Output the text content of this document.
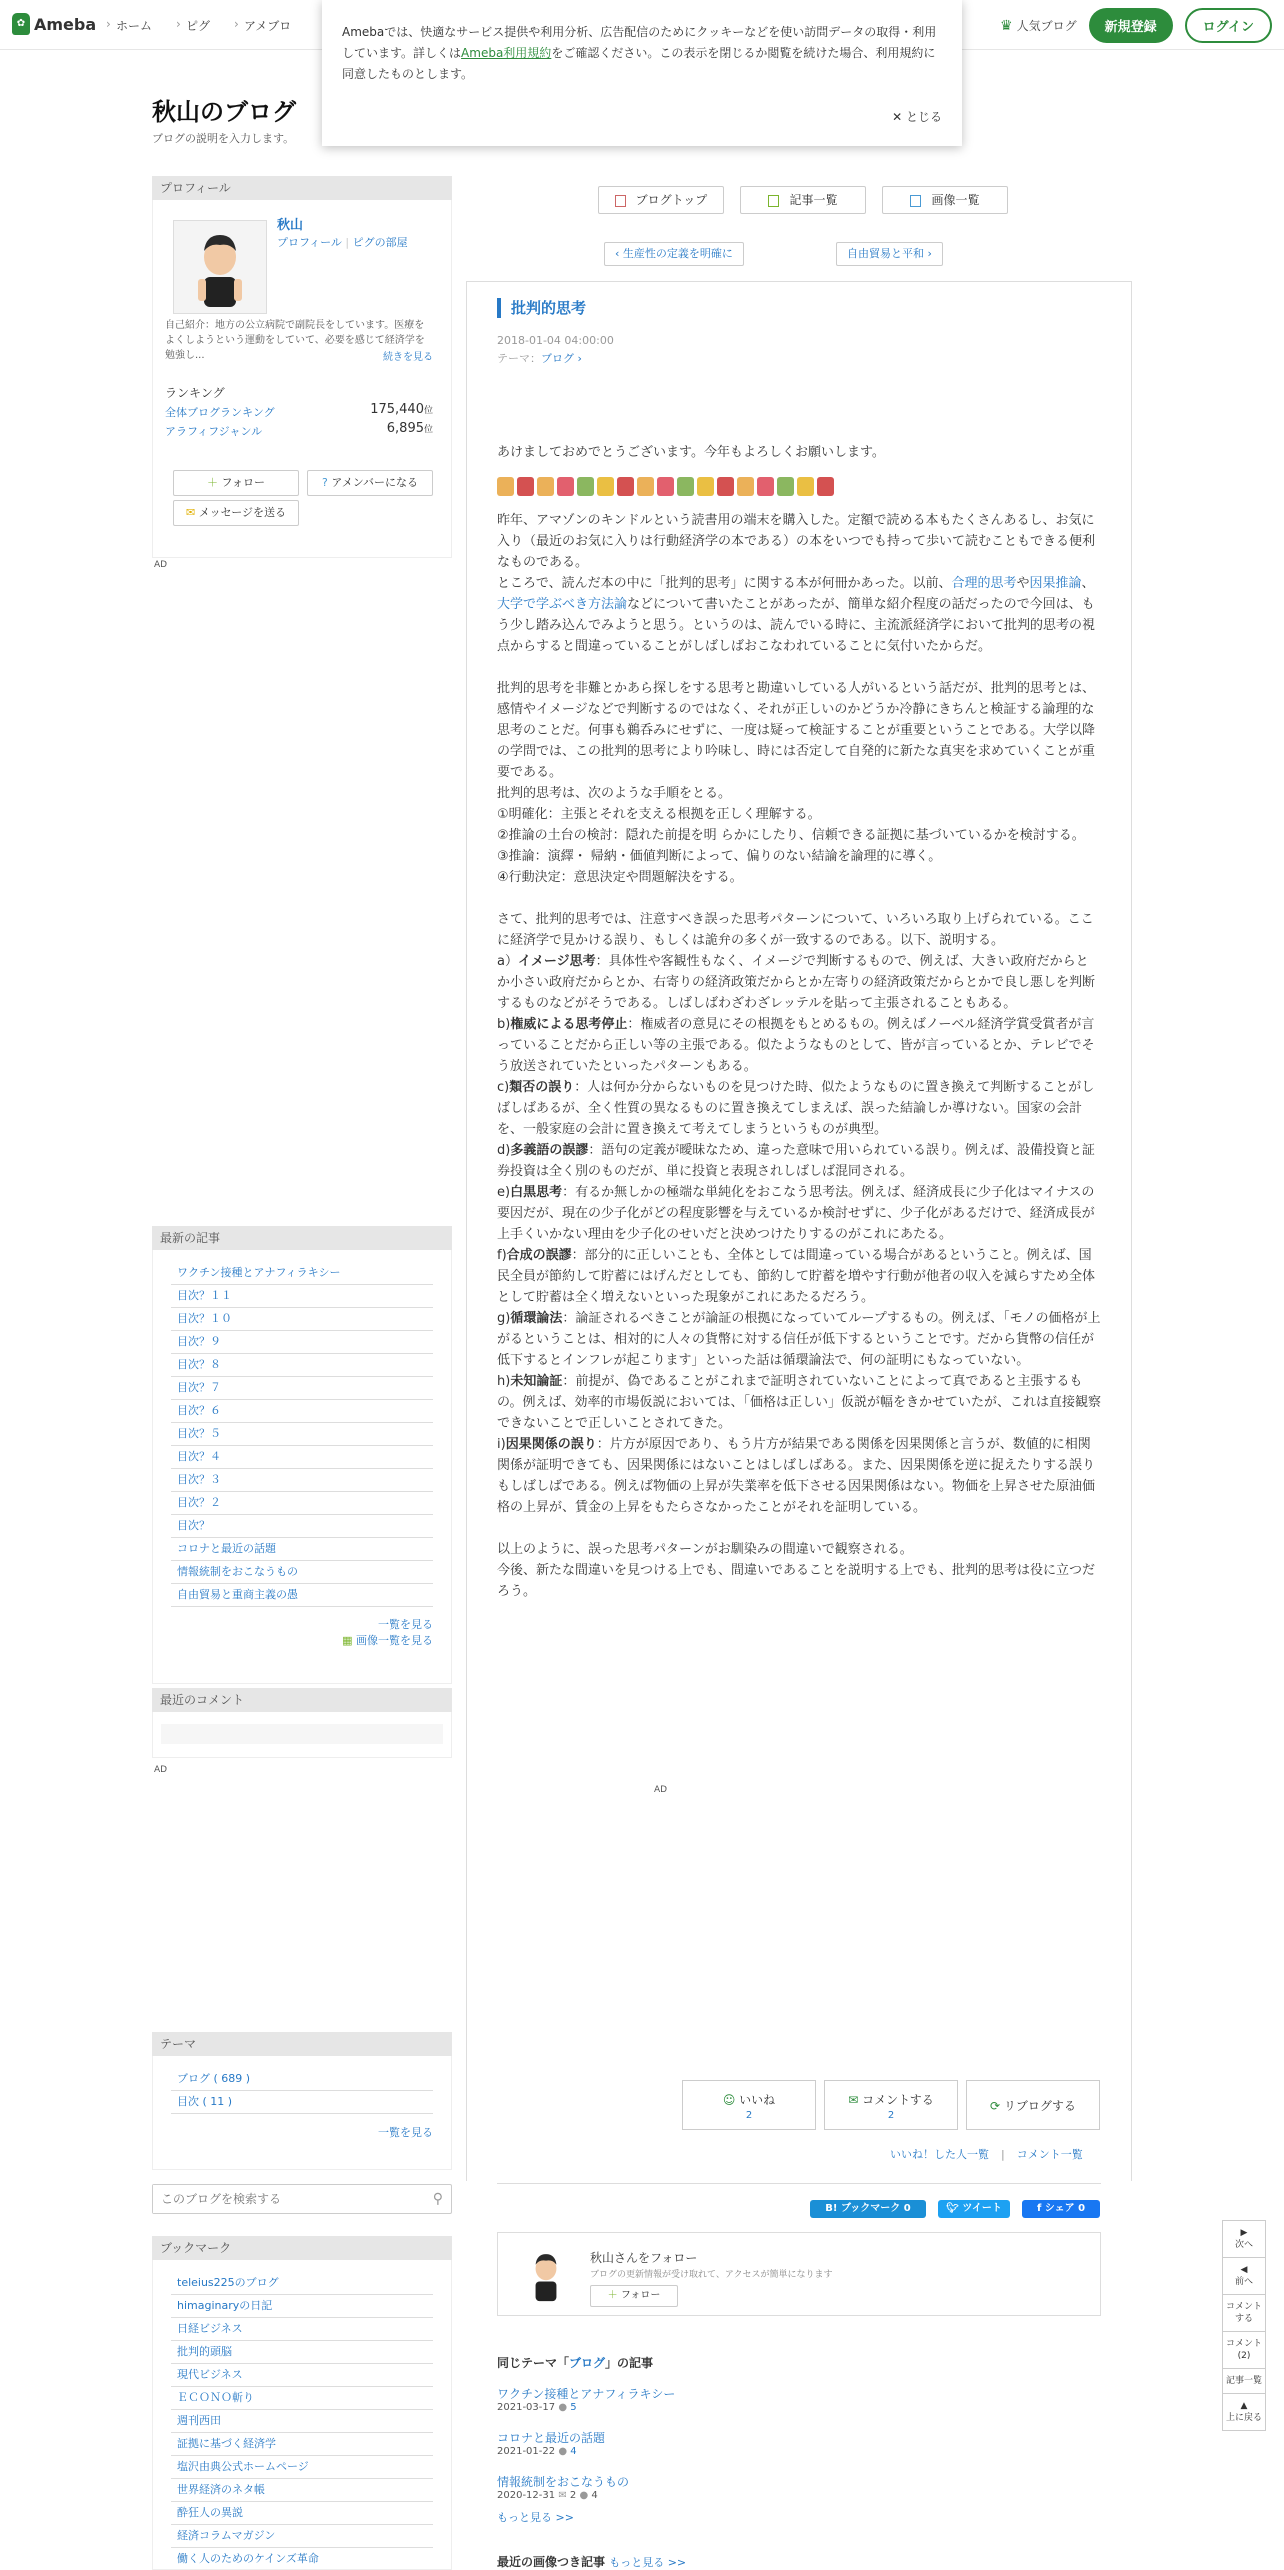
✿ Ameba	› ホーム	› ピグ	› アメブロ	♛ 人気ブログ	新規登録	ログイン
Amebaでは、快適なサービス提供や利用分析、広告配信のためにクッキーなどを使い訪問データの取得・利用しています。詳しくはAmeba利用規約をご確認ください。この表示を閉じるか閲覧を続けた場合、利用規約に同意したものとします。
✕ とじる
秋山のブログ
ブログの説明を入力します。
プロフィール
秋山
プロフィール | ピグの部屋
自己紹介：地方の公立病院で副院長をしています。医療をよくしようという運動をしていて、必要を感じて経済学を勉強し...	続きを見る
ランキング
全体ブログランキング	175,440位
アラフィフジャンル	6,895位
＋ フォロー	? アメンバーになる
✉ メッセージを送る
AD
最新の記事
ワクチン接種とアナフィラキシー
目次？１１
目次？１０
目次？９
目次？８
目次？７
目次？６
目次？５
目次？４
目次？３
目次？２
目次？
コロナと最近の話題
情報統制をおこなうもの
自由貿易と重商主義の愚
一覧を見る
▦ 画像一覧を見る
最近のコメント
AD
テーマ
ブログ ( 689 )
目次 ( 11 )
一覧を見る
このブログを検索する
⚲
ブックマーク
teleius225のブログ
himaginaryの日記
日経ビジネス
批判的頭脳
現代ビジネス
ＥＣＯＮＯ斬り
週刊西田
証拠に基づく経済学
塩沢由典公式ホームページ
世界経済のネタ帳
酔狂人の異説
経済コラムマガジン
働く人のためのケインズ革命
ブログトップ	記事一覧	画像一覧
‹ 生産性の定義を明確に	自由貿易と平和 ›
批判的思考
2018-01-04 04:00:00
テーマ：ブログ ›

あけましておめでとうございます。今年もよろしくお願いします。

昨年、アマゾンのキンドルという読書用の端末を購入した。定額で読める本もたくさんあるし、お気に入り（最近のお気に入りは行動経済学の本である）の本をいつでも持って歩いて読むこともできる便利なものである。

ところで、読んだ本の中に「批判的思考」に関する本が何冊かあった。以前、合理的思考や因果推論、大学で学ぶべき方法論などについて書いたことがあったが、簡単な紹介程度の話だったので今回は、もう少し踏み込んでみようと思う。というのは、読んでいる時に、主流派経済学において批判的思考の視点からすると間違っていることがしばしばおこなわれていることに気付いたからだ。

批判的思考を非難とかあら探しをする思考と勘違いしている人がいるという話だが、批判的思考とは、感情やイメージなどで判断するのではなく、それが正しいのかどうか冷静にきちんと検証する論理的な思考のことだ。何事も鵜呑みにせずに、一度は疑って検証することが重要ということである。大学以降の学問では、この批判的思考により吟味し、時には否定して自発的に新たな真実を求めていくことが重要である。

批判的思考は、次のような手順をとる。

①明確化：主張とそれを支える根拠を正しく理解する。

②推論の土台の検討：隠れた前提を明 らかにしたり、信頼できる証拠に基づいているかを検討する。

③推論：演繹・ 帰納・価値判断によって、偏りのない結論を論理的に導く。

④行動決定：意思決定や問題解決をする。

さて、批判的思考では、注意すべき誤った思考パターンについて、いろいろ取り上げられている。ここに経済学で見かける誤り、もしくは詭弁の多くが一致するのである。以下、説明する。

a）イメージ思考：具体性や客観性もなく、イメージで判断するもので、例えば、大きい政府だからとか小さい政府だからとか、右寄りの経済政策だからとか左寄りの経済政策だからとかで良し悪しを判断するものなどがそうである。しばしばわざわざレッテルを貼って主張されることもある。

b)権威による思考停止：権威者の意見にその根拠をもとめるもの。例えばノーベル経済学賞受賞者が言っていることだから正しい等の主張である。似たようなものとして、皆が言っているとか、テレビでそう放送されていたといったパターンもある。

c)類否の誤り：人は何か分からないものを見つけた時、似たようなものに置き換えて判断することがしばしばあるが、全く性質の異なるものに置き換えてしまえば、誤った結論しか導けない。国家の会計を、一般家庭の会計に置き換えて考えてしまうというものが典型。

d)多義語の誤謬：語句の定義が曖昧なため、違った意味で用いられている誤り。例えば、設備投資と証券投資は全く別のものだが、単に投資と表現されしばしば混同される。

e)白黒思考：有るか無しかの極端な単純化をおこなう思考法。例えば、経済成長に少子化はマイナスの要因だが、現在の少子化がどの程度影響を与えているか検討せずに、少子化があるだけで、経済成長が上手くいかない理由を少子化のせいだと決めつけたりするのがこれにあたる。

f)合成の誤謬：部分的に正しいことも、全体としては間違っている場合があるということ。例えば、国民全員が節約して貯蓄にはげんだとしても、節約して貯蓄を増やす行動が他者の収入を減らすため全体として貯蓄は全く増えないといった現象がこれにあたるだろう。

g)循環論法：論証されるべきことが論証の根拠になっていてループするもの。例えば、「モノの価格が上がるということは、相対的に人々の貨幣に対する信任が低下するということです。だから貨幣の信任が低下するとインフレが起こります」といった話は循環論法で、何の証明にもなっていない。

h)未知論証：前提が、偽であることがこれまで証明されていないことによって真であると主張するもの。例えば、効率的市場仮説においては、「価格は正しい」仮説が幅をきかせていたが、これは直接観察できないことで正しいことされてきた。

i)因果関係の誤り：片方が原因であり、もう片方が結果である関係を因果関係と言うが、数値的に相関関係が証明できても、因果関係にはないことはしばしばある。また、因果関係を逆に捉えたりする誤りもしばしばである。例えば物価の上昇が失業率を低下させる因果関係はない。物価を上昇させた原油価格の上昇が、賃金の上昇をもたらさなかったことがそれを証明している。

以上のように、誤った思考パターンがお馴染みの間違いで観察される。

今後、新たな間違いを見つける上でも、間違いであることを説明する上でも、批判的思考は役に立つだろう。

AD
☺ いいね
2
✉ コメントする
2
⟳ リブログする
いいね！した人一覧 | コメント一覧
B! ブックマーク 0	🐦︎ ツイート	f シェア 0
秋山さんをフォロー
ブログの更新情報が受け取れて、アクセスが簡単になります
＋ フォロー
同じテーマ「ブログ」の記事
ワクチン接種とアナフィラキシー
2021-03-17 ● 5
コロナと最近の話題
2021-01-22 ● 4
情報統制をおこなうもの
2020-12-31 ✉ 2 ● 4
もっと見る >>
最近の画像つき記事 もっと見る >>
▶
次へ
◀
前へ
コメントする
コメント(2)
記事一覧
▲
上に戻る
